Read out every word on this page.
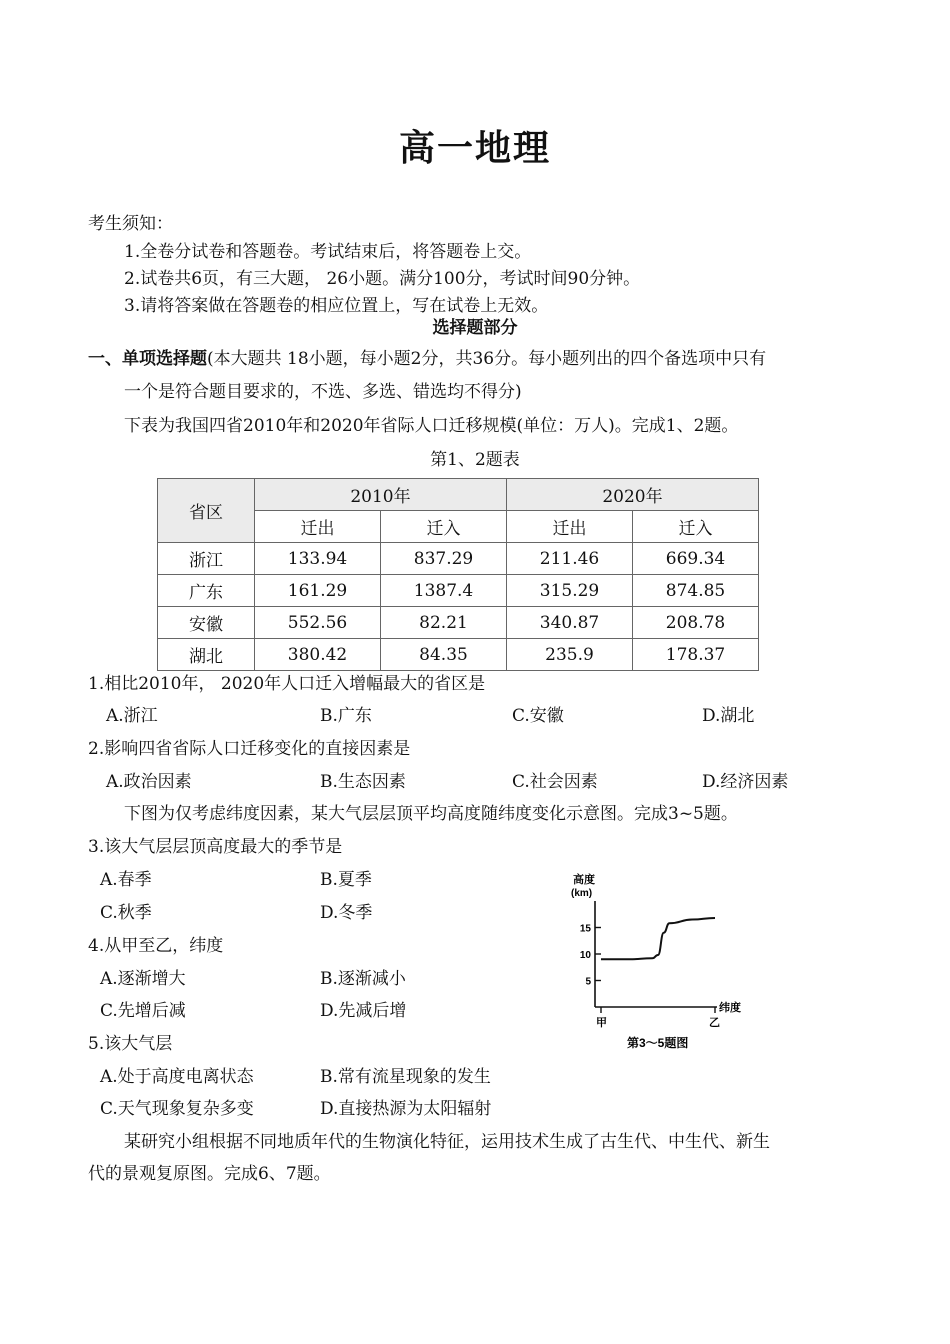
高一地理
考生须知：
1.全卷分试卷和答题卷。考试结束后，将答题卷上交。
2.试卷共6页，有三大题， 26小题。满分100分，考试时间90分钟。
3.请将答案做在答题卷的相应位置上，写在试卷上无效。
选择题部分
一、单项选择题(本大题共 18小题，每小题2分，共36分。每小题列出的四个备选项中只有
一个是符合题目要求的，不选、多选、错选均不得分)
下表为我国四省2010年和2020年省际人口迁移规模(单位：万人)。完成1、2题。
第1、2题表
省区	2010年		2020年	
	迁出	迁入	迁出	迁入
浙江	133.94	837.29	211.46	669.34
广东	161.29	1387.4	315.29	874.85
安徽	552.56	82.21	340.87	208.78
湖北	380.42	84.35	235.9	178.37
1.相比2010年， 2020年人口迁入增幅最大的省区是
A.浙江	B.广东	C.安徽	D.湖北
2.影响四省省际人口迁移变化的直接因素是
A.政治因素	B.生态因素	C.社会因素	D.经济因素
下图为仅考虑纬度因素，某大气层层顶平均高度随纬度变化示意图。完成3~5题。
3.该大气层层顶高度最大的季节是
A.春季	B.夏季
C.秋季	D.冬季
4.从甲至乙，纬度
A.逐渐增大	B.逐渐减小
C.先增后减	D.先减后增
5.该大气层
A.处于高度电离状态	B.常有流星现象的发生
C.天气现象复杂多变	D.直接热源为太阳辐射
高度
(km)
5
10
15
纬度
甲	乙
第3～5题图
某研究小组根据不同地质年代的生物演化特征，运用技术生成了古生代、中生代、新生
代的景观复原图。完成6、7题。
